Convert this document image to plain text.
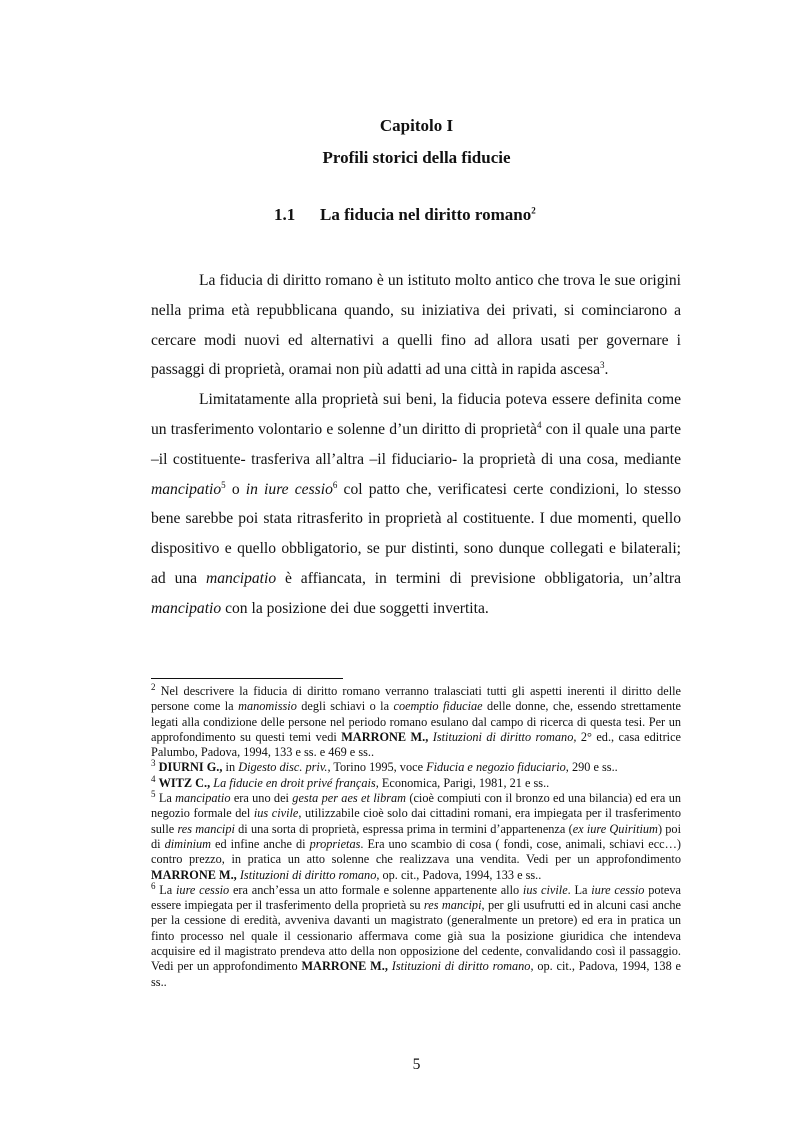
Capitolo I
Profili storici della fiducie
1.1 La fiducia nel diritto romano$^2$

La fiducia di diritto romano è un istituto molto antico che trova le sue origini nella prima età repubblicana quando, su iniziativa dei privati, si cominciarono a cercare modi nuovi ed alternativi a quelli fino ad allora usati per governare i passaggi di proprietà, oramai non più adatti ad una città in rapida ascesa$^3$.

Limitatamente alla proprietà sui beni, la fiducia poteva essere definita come un trasferimento volontario e solenne d’un diritto di proprietà$^4$ con il quale una parte –il costituente- trasferiva all’altra –il fiduciario- la proprietà di una cosa, mediante mancipatio$^5$ o in iure cessio$^6$ col patto che, verificatesi certe condizioni, lo stesso bene sarebbe poi stata ritrasferito in proprietà al costituente. I due momenti, quello dispositivo e quello obbligatorio, se pur distinti, sono dunque collegati e bilaterali; ad una mancipatio è affiancata, in termini di previsione obbligatoria, un’altra mancipatio con la posizione dei due soggetti invertita.

$^2$ Nel descrivere la fiducia di diritto romano verranno tralasciati tutti gli aspetti inerenti il diritto delle persone come la manomissio degli schiavi o la coemptio fiduciae delle donne, che, essendo strettamente legati alla condizione delle persone nel periodo romano esulano dal campo di ricerca di questa tesi. Per un approfondimento su questi temi vedi MARRONE M., Istituzioni di diritto romano, 2° ed., casa editrice Palumbo, Padova, 1994, 133 e ss. e 469 e ss..

$^3$ DIURNI G., in Digesto disc. priv., Torino 1995, voce Fiducia e negozio fiduciario, 290 e ss..

$^4$ WITZ C., La fiducie en droit privé français, Economica, Parigi, 1981, 21 e ss..

$^5$ La mancipatio era uno dei gesta per aes et libram (cioè compiuti con il bronzo ed una bilancia) ed era un negozio formale del ius civile, utilizzabile cioè solo dai cittadini romani, era impiegata per il trasferimento sulle res mancipi di una sorta di proprietà, espressa prima in termini d’appartenenza (ex iure Quiritium) poi di diminium ed infine anche di proprietas. Era uno scambio di cosa ( fondi, cose, animali, schiavi ecc…) contro prezzo, in pratica un atto solenne che realizzava una vendita. Vedi per un approfondimento MARRONE M., Istituzioni di diritto romano, op. cit., Padova, 1994, 133 e ss..

$^6$ La iure cessio era anch’essa un atto formale e solenne appartenente allo ius civile. La iure cessio poteva essere impiegata per il trasferimento della proprietà su res mancipi, per gli usufrutti ed in alcuni casi anche per la cessione di eredità, avveniva davanti un magistrato (generalmente un pretore) ed era in pratica un finto processo nel quale il cessionario affermava come già sua la posizione giuridica che intendeva acquisire ed il magistrato prendeva atto della non opposizione del cedente, convalidando così il passaggio. Vedi per un approfondimento MARRONE M., Istituzioni di diritto romano, op. cit., Padova, 1994, 138 e ss..

5
